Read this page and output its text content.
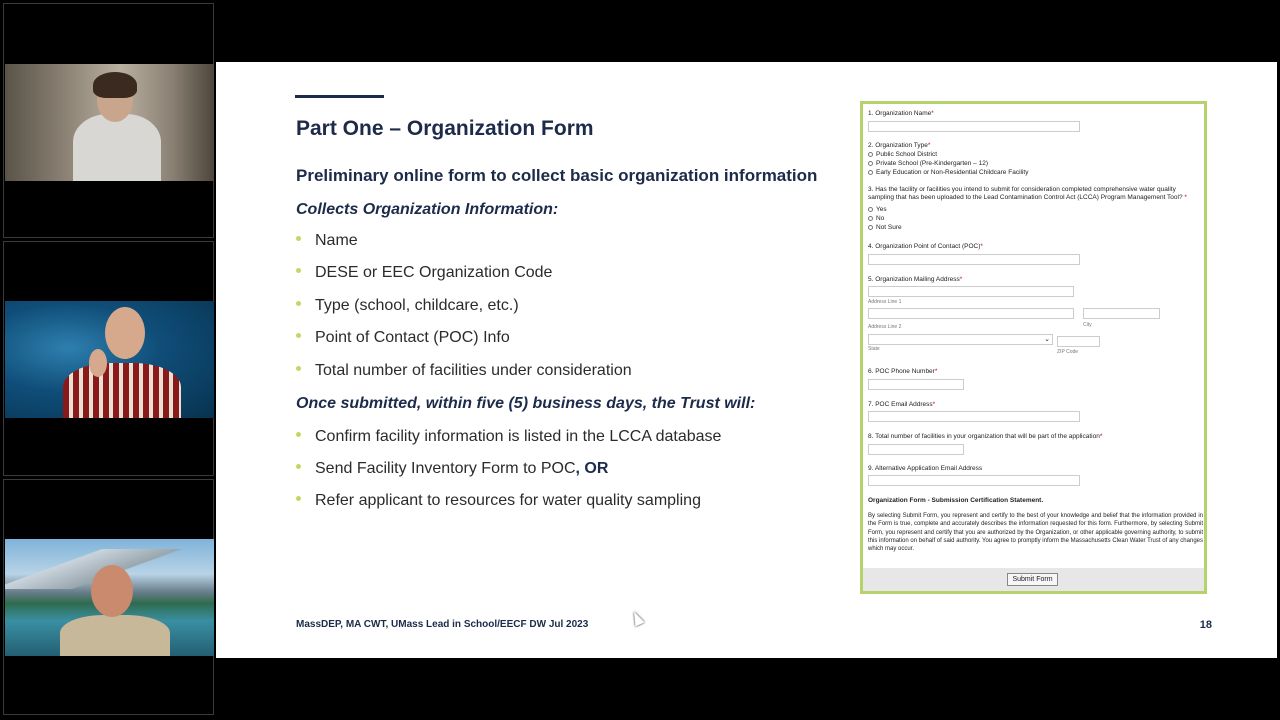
Part One – Organization Form
Preliminary online form to collect basic organization information
Collects Organization Information:
Name
DESE or EEC Organization Code
Type (school, childcare, etc.)
Point of Contact (POC) Info
Total number of facilities under consideration
Once submitted, within five (5) business days, the Trust will:
Confirm facility information is listed in the LCCA database
Send Facility Inventory Form to POC, OR
Refer applicant to resources for water quality sampling
MassDEP, MA CWT, UMass Lead in School/EECF DW Jul 2023	18
1. Organization Name*
2. Organization Type*
Public School District
Private School (Pre-Kindergarten – 12)
Early Education or Non-Residential Childcare Facility
3. Has the facility or facilities you intend to submit for consideration completed comprehensive water quality sampling that has been uploaded to the Lead Contamination Control Act (LCCA) Program Management Tool? *
Yes
No
Not Sure
4. Organization Point of Contact (POC)*
5. Organization Mailing Address*
Address Line 1
Address Line 2	City
⌄
State	ZIP Code
6. POC Phone Number*
7. POC Email Address*
8. Total number of facilities in your organization that will be part of the application*
9. Alternative Application Email Address
Organization Form - Submission Certification Statement.
By selecting Submit Form, you represent and certify to the best of your knowledge and belief that the information provided in the Form is true, complete and accurately describes the information requested for this form. Furthermore, by selecting Submit Form, you represent and certify that you are authorized by the Organization, or other applicable governing authority, to submit this information on behalf of said authority. You agree to promptly inform the Massachusetts Clean Water Trust of any changes which may occur.
Submit Form
